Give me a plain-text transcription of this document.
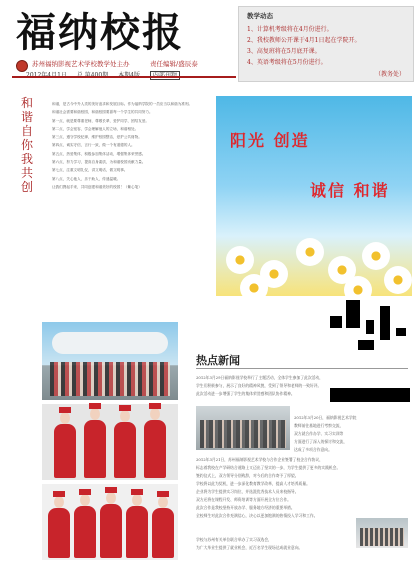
福纳校报
苏州福纳影视艺术学校教学处主办	责任编辑/盛辰泰
教学动态
1、计算机考级将在4月份进行。
2、我校教师公开课于4月1日起在学院开。
3、高复班将在5月底开课。
4、英语考级将在5月份进行。
（教务处）
和谐 自你我 共创

和谐，是古今中外人类的美好追求和发展目标。作为福纳学院的一员应当以和谐为准则。

和谐社会需要和谐校园，和谐校园要靠每一个学生的共同努力。

第一点，就是要尊重老师，尊敬长辈，爱护同学，团结友爱。

第二点，学会宽容，学会理解他人的立场，和谐相处。

第三点，遵守学校纪律，维护校园整洁，爱护公共财物。

第四点，诚实守信，言行一致，做一个有道德的人。

第五点，热爱集体，积极参加集体活动，增强集体荣誉感。

第六点，努力学习，提高自身素质，为和谐校园贡献力量。

第七点，注重文明礼仪，讲文明话，做文明事。

第八点，关心他人，乐于助人，传递温暖。

让我们携起手来，共同创建和谐美好的校园！（紫心笔）

阳光 创造
诚信 和谐
热点新闻
2012年3月29日福纳影视学校举行了主题活动，全体学生参加了此次活动，
学生们积极参与，展示了良好的精神风貌，受到了领导和老师的一致好评。
此次活动进一步增强了学生的集体荣誉感和团队协作精神。
2012年3月20日，福纳影视艺术学院
教师前往基地进行考察交流，
双方就合作办学、实习实训等
方面进行了深入的探讨和交流，
达成了多项合作意向。
2012年3月21日，苏州福纳影视艺术学校与合作企业签署了校企合作协议，
标志着我校在产学研结合道路上又迈出了坚实的一步，为学生提供了更多的实践机会。
签约仪式上，双方领导分别致辞，对今后的合作寄予了厚望。
学校将以此为契机，进一步深化教育教学改革，提高人才培养质量。
企业将为学生提供实习岗位，并选派优秀技术人员来校指导。
双方还将在课程开发、师资培训等方面开展全方位合作。
此次合作是我校坚持开放办学、服务地方经济的重要举措。
全校师生对此次合作充满信心，决心以更加饱满的热情投入学习和工作。
学校与苏州有关单位联合举办了实习双选会，
为广大毕业生提供了就业机会，近百名学生现场达成就业意向。
